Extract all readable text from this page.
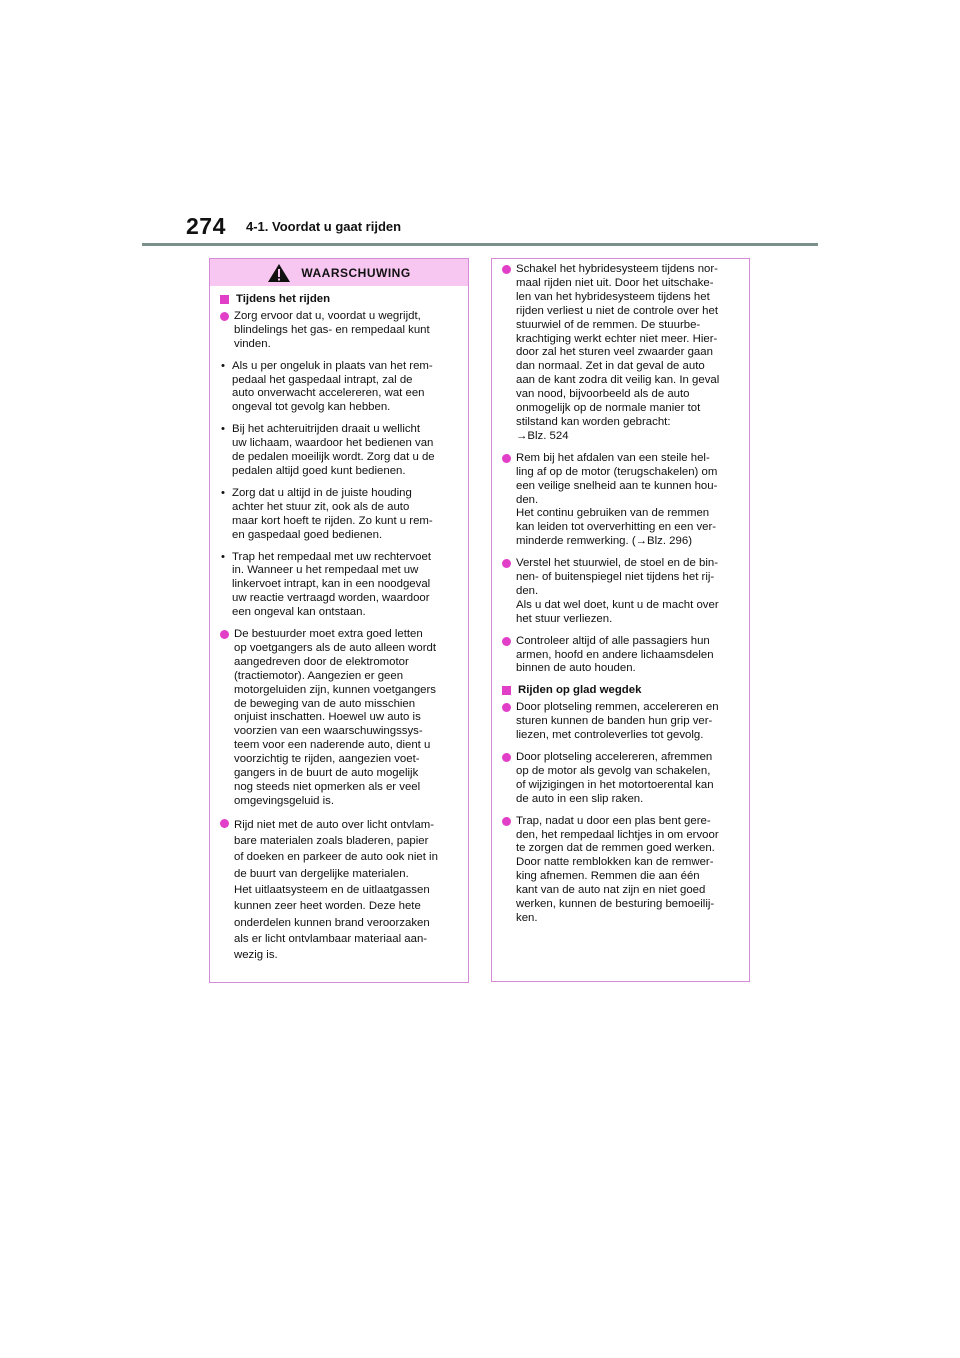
274 4-1. Voordat u gaat rijden
WAARSCHUWING
Tijdens het rijden
Zorg ervoor dat u, voordat u wegrijdt,
blindelings het gas- en rempedaal kunt
vinden.
• Als u per ongeluk in plaats van het rem-
pedaal het gaspedaal intrapt, zal de
auto onverwacht accelereren, wat een
ongeval tot gevolg kan hebben.
• Bij het achteruitrijden draait u wellicht
uw lichaam, waardoor het bedienen van
de pedalen moeilijk wordt. Zorg dat u de
pedalen altijd goed kunt bedienen.
• Zorg dat u altijd in de juiste houding
achter het stuur zit, ook als de auto
maar kort hoeft te rijden. Zo kunt u rem-
en gaspedaal goed bedienen.
• Trap het rempedaal met uw rechtervoet
in. Wanneer u het rempedaal met uw
linkervoet intrapt, kan in een noodgeval
uw reactie vertraagd worden, waardoor
een ongeval kan ontstaan.
De bestuurder moet extra goed letten
op voetgangers als de auto alleen wordt
aangedreven door de elektromotor
(tractiemotor). Aangezien er geen
motorgeluiden zijn, kunnen voetgangers
de beweging van de auto misschien
onjuist inschatten. Hoewel uw auto is
voorzien van een waarschuwingssys-
teem voor een naderende auto, dient u
voorzichtig te rijden, aangezien voet-
gangers in de buurt de auto mogelijk
nog steeds niet opmerken als er veel
omgevingsgeluid is.
Rijd niet met de auto over licht ontvlam-
bare materialen zoals bladeren, papier
of doeken en parkeer de auto ook niet in
de buurt van dergelijke materialen.
Het uitlaatsysteem en de uitlaatgassen
kunnen zeer heet worden. Deze hete
onderdelen kunnen brand veroorzaken
als er licht ontvlambaar materiaal aan-
wezig is.
Schakel het hybridesysteem tijdens nor-
maal rijden niet uit. Door het uitschake-
len van het hybridesysteem tijdens het
rijden verliest u niet de controle over het
stuurwiel of de remmen. De stuurbe-
krachtiging werkt echter niet meer. Hier-
door zal het sturen veel zwaarder gaan
dan normaal. Zet in dat geval de auto
aan de kant zodra dit veilig kan. In geval
van nood, bijvoorbeeld als de auto
onmogelijk op de normale manier tot
stilstand kan worden gebracht:
→Blz. 524
Rem bij het afdalen van een steile hel-
ling af op de motor (terugschakelen) om
een veilige snelheid aan te kunnen hou-
den.
Het continu gebruiken van de remmen
kan leiden tot oververhitting en een ver-
minderde remwerking. (→Blz. 296)
Verstel het stuurwiel, de stoel en de bin-
nen- of buitenspiegel niet tijdens het rij-
den.
Als u dat wel doet, kunt u de macht over
het stuur verliezen.
Controleer altijd of alle passagiers hun
armen, hoofd en andere lichaamsdelen
binnen de auto houden.
Rijden op glad wegdek
Door plotseling remmen, accelereren en
sturen kunnen de banden hun grip ver-
liezen, met controleverlies tot gevolg.
Door plotseling accelereren, afremmen
op de motor als gevolg van schakelen,
of wijzigingen in het motortoerental kan
de auto in een slip raken.
Trap, nadat u door een plas bent gere-
den, het rempedaal lichtjes in om ervoor
te zorgen dat de remmen goed werken.
Door natte remblokken kan de remwer-
king afnemen. Remmen die aan één
kant van de auto nat zijn en niet goed
werken, kunnen de besturing bemoeilij-
ken.
